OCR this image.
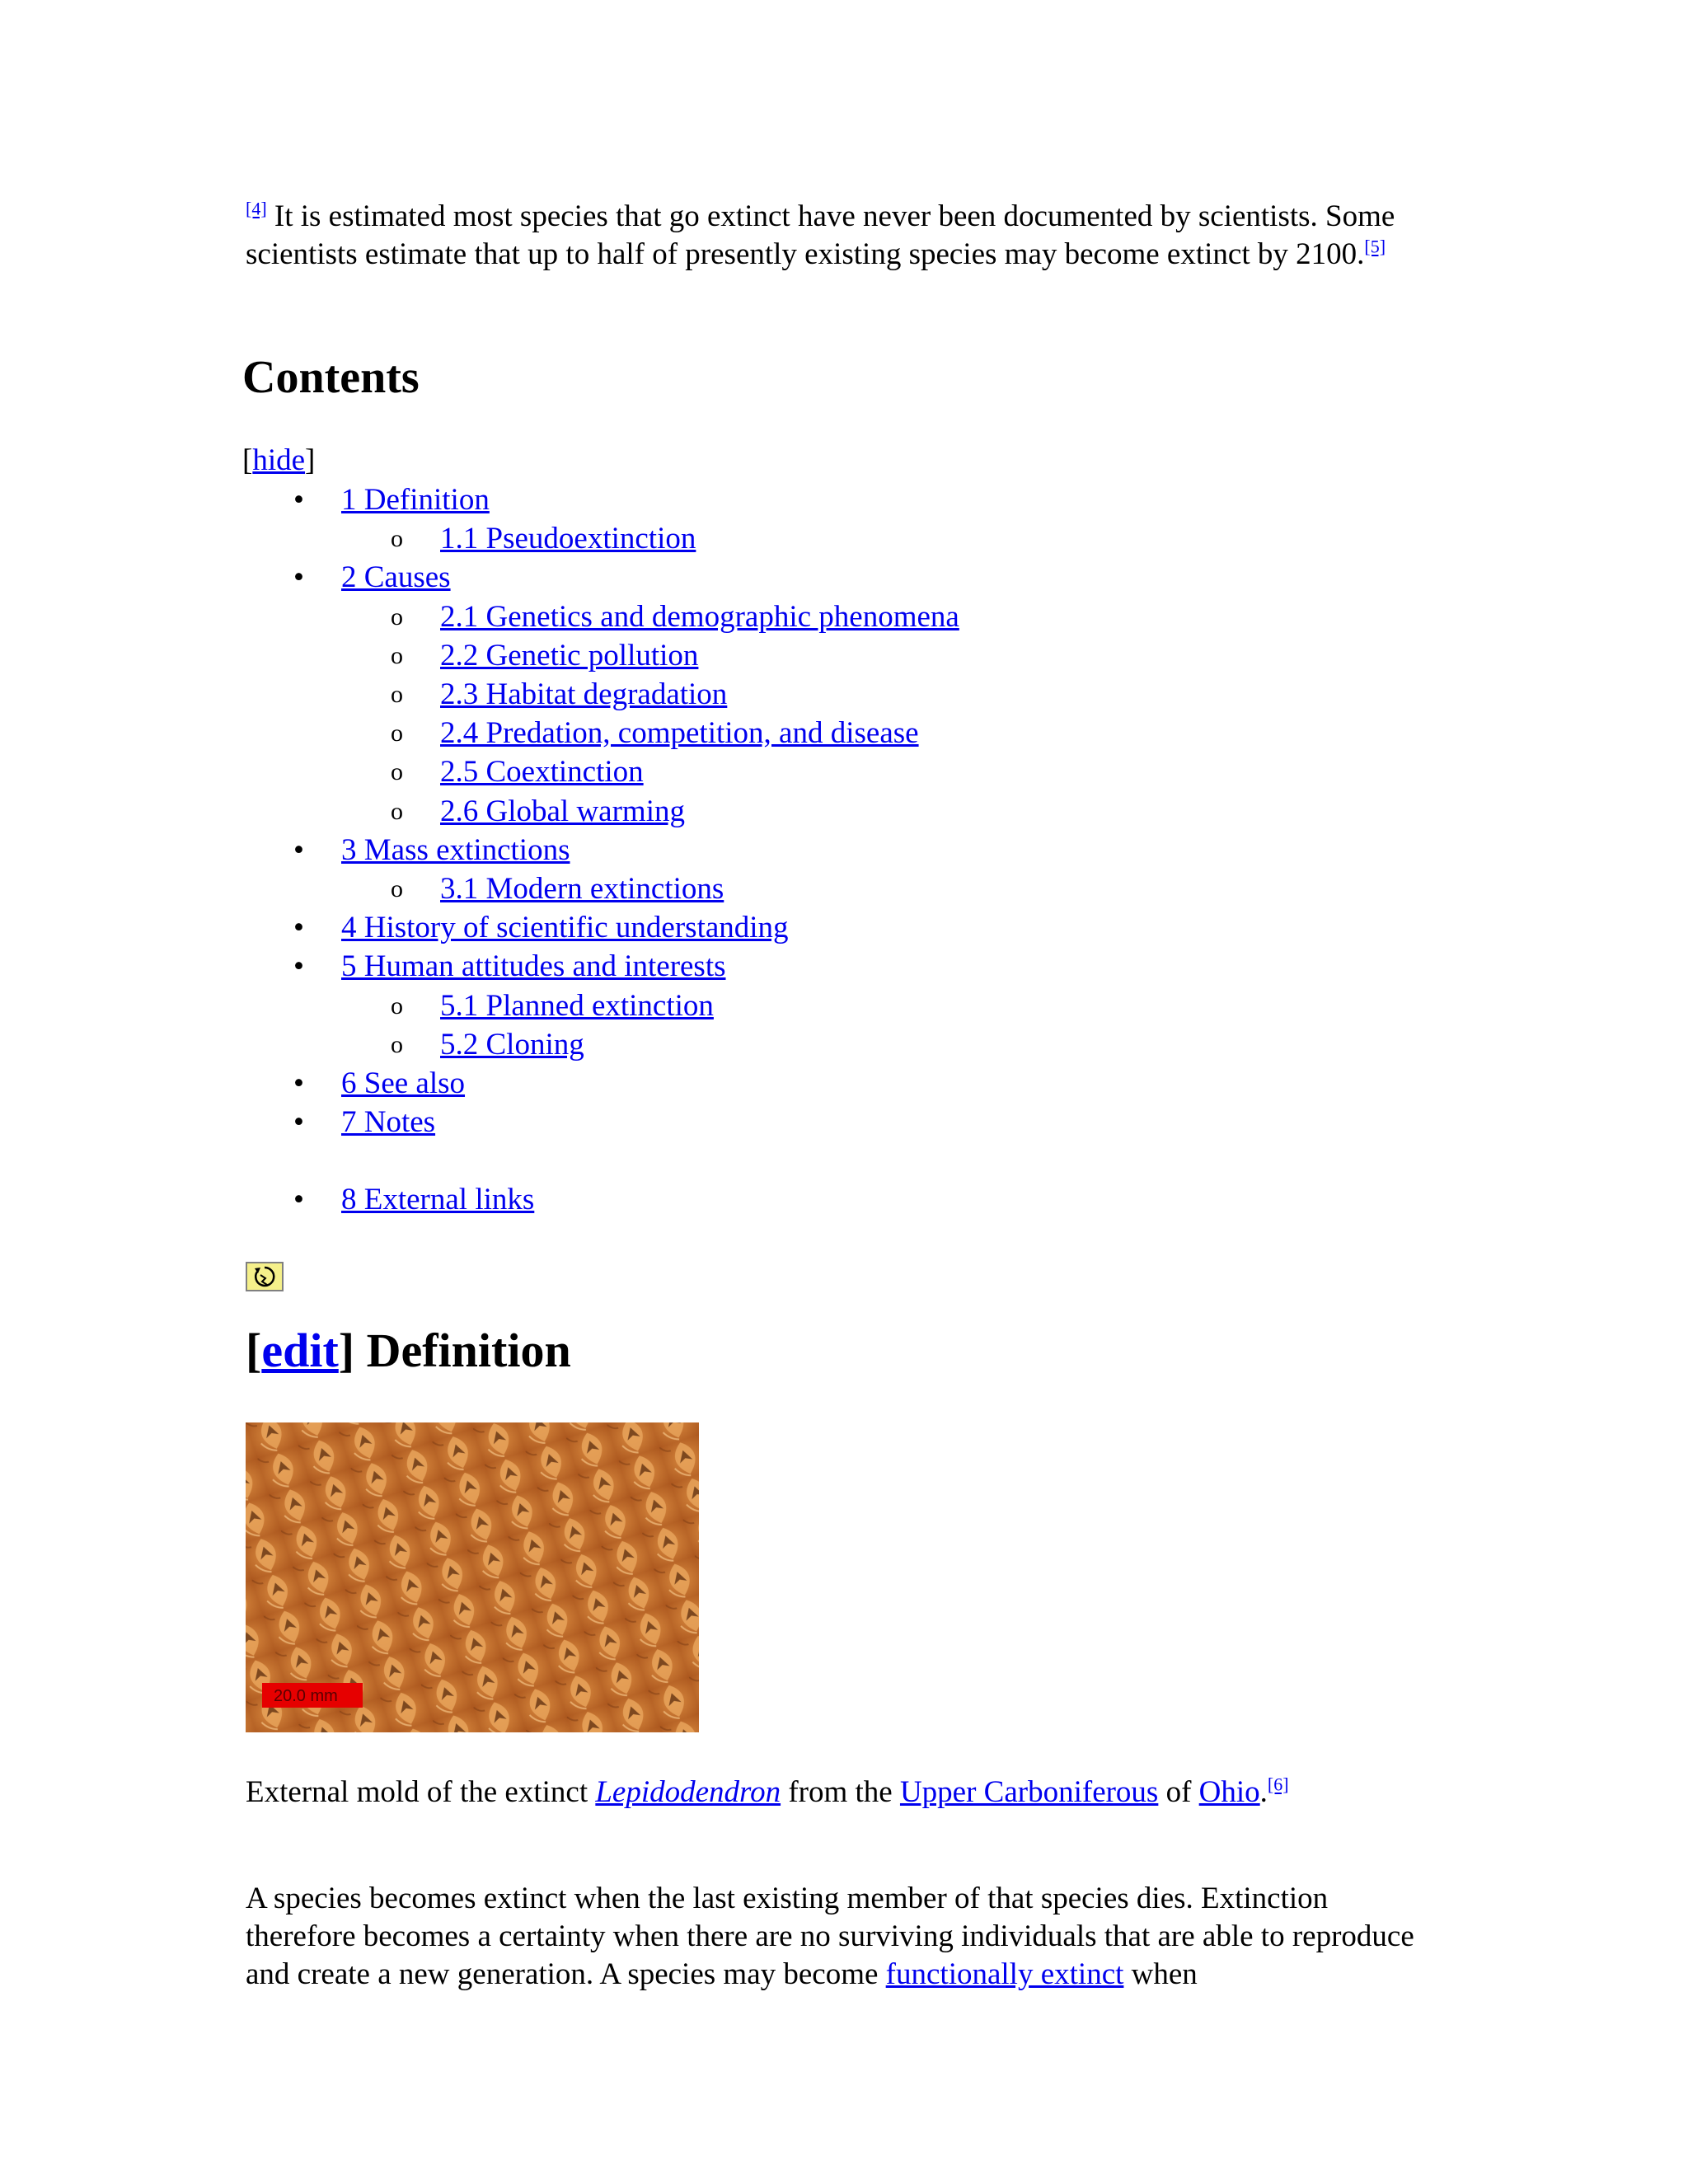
[4] It is estimated most species that go extinct have never been documented by scientists. Some scientists estimate that up to half of presently existing species may become extinct by 2100.[5]

Contents
[hide]
• 1 Definition
o 1.1 Pseudoextinction
• 2 Causes
o 2.1 Genetics and demographic phenomena
o 2.2 Genetic pollution
o 2.3 Habitat degradation
o 2.4 Predation, competition, and disease
o 2.5 Coextinction
o 2.6 Global warming
• 3 Mass extinctions
o 3.1 Modern extinctions
• 4 History of scientific understanding
• 5 Human attitudes and interests
o 5.1 Planned extinction
o 5.2 Cloning
• 6 See also
• 7 Notes
• 8 External links
[edit] Definition
20.0 mm
External mold of the extinct Lepidodendron from the Upper Carboniferous of Ohio.[6]

A species becomes extinct when the last existing member of that species dies. Extinction therefore becomes a certainty when there are no surviving individuals that are able to reproduce and create a new generation. A species may become functionally extinct when
